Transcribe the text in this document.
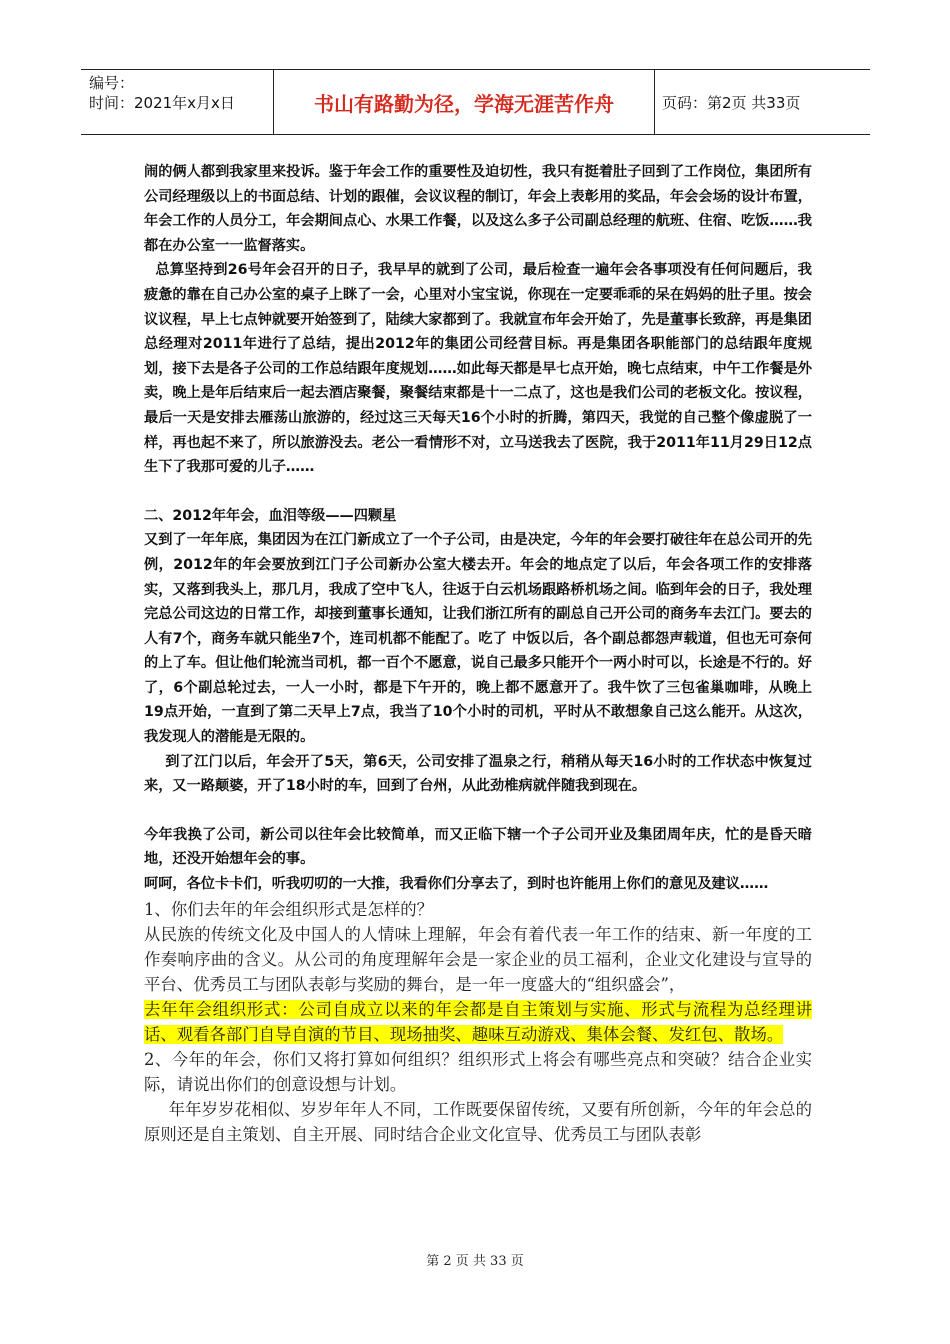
编号：
时间：2021年x月x日	书山有路勤为径，学海无涯苦作舟	页码：第2页 共33页

闹的俩人都到我家里来投诉。鉴于年会工作的重要性及迫切性，我只有挺着肚子回到了工作岗位，集团所有公司经理级以上的书面总结、计划的跟催，会议议程的制订，年会上表彰用的奖品，年会会场的设计布置，年会工作的人员分工，年会期间点心、水果工作餐，以及这么多子公司副总经理的航班、住宿、吃饭……我都在办公室一一监督落实。

总算坚持到26号年会召开的日子，我早早的就到了公司，最后检查一遍年会各事项没有任何问题后，我疲惫的靠在自己办公室的桌子上眯了一会，心里对小宝宝说，你现在一定要乖乖的呆在妈妈的肚子里。按会议议程，早上七点钟就要开始签到了，陆续大家都到了。我就宣布年会开始了，先是董事长致辞，再是集团总经理对2011年进行了总结，提出2012年的集团公司经营目标。再是集团各职能部门的总结跟年度规划，接下去是各子公司的工作总结跟年度规划……如此每天都是早七点开始，晚七点结束，中午工作餐是外卖，晚上是年后结束后一起去酒店聚餐，聚餐结束都是十一二点了，这也是我们公司的老板文化。按议程，最后一天是安排去雁荡山旅游的，经过这三天每天16个小时的折腾，第四天，我觉的自己整个像虚脱了一样，再也起不来了，所以旅游没去。老公一看情形不对，立马送我去了医院，我于2011年11月29日12点生下了我那可爱的儿子……

二、2012年年会，血泪等级——四颗星

又到了一年年底，集团因为在江门新成立了一个子公司，由是决定，今年的年会要打破往年在总公司开的先例，2012年的年会要放到江门子公司新办公室大楼去开。年会的地点定了以后，年会各项工作的安排落实，又落到我头上，那几月，我成了空中飞人，往返于白云机场跟路桥机场之间。临到年会的日子，我处理完总公司这边的日常工作，却接到董事长通知，让我们浙江所有的副总自己开公司的商务车去江门。要去的人有7个，商务车就只能坐7个，连司机都不能配了。吃了 中饭以后，各个副总都怨声载道，但也无可奈何的上了车。但让他们轮流当司机，都一百个不愿意，说自己最多只能开个一两小时可以，长途是不行的。好了，6个副总轮过去，一人一小时，都是下午开的，晚上都不愿意开了。我牛饮了三包雀巢咖啡，从晚上19点开始，一直到了第二天早上7点，我当了10个小时的司机，平时从不敢想象自己这么能开。从这次，我发现人的潜能是无限的。

到了江门以后，年会开了5天，第6天，公司安排了温泉之行，稍稍从每天16小时的工作状态中恢复过来，又一路颠婆，开了18小时的车，回到了台州，从此劲椎病就伴随我到现在。

今年我换了公司，新公司以往年会比较简单，而又正临下辖一个子公司开业及集团周年庆，忙的是昏天暗地，还没开始想年会的事。

呵呵，各位卡卡们，听我叨叨的一大推，我看你们分享去了，到时也许能用上你们的意见及建议……

1、你们去年的年会组织形式是怎样的？

从民族的传统文化及中国人的人情味上理解，年会有着代表一年工作的结束、新一年度的工作奏响序曲的含义。从公司的角度理解年会是一家企业的员工福利，企业文化建设与宣导的平台、优秀员工与团队表彰与奖励的舞台，是一年一度盛大的“组织盛会”，

去年年会组织形式：公司自成立以来的年会都是自主策划与实施、形式与流程为总经理讲话、观看各部门自导自演的节目、现场抽奖、趣味互动游戏、集体会餐、发红包、散场。

2、今年的年会，你们又将打算如何组织？组织形式上将会有哪些亮点和突破？结合企业实际，请说出你们的创意设想与计划。

年年岁岁花相似、岁岁年年人不同，工作既要保留传统，又要有所创新，今年的年会总的原则还是自主策划、自主开展、同时结合企业文化宣导、优秀员工与团队表彰

第 2 页 共 33 页
